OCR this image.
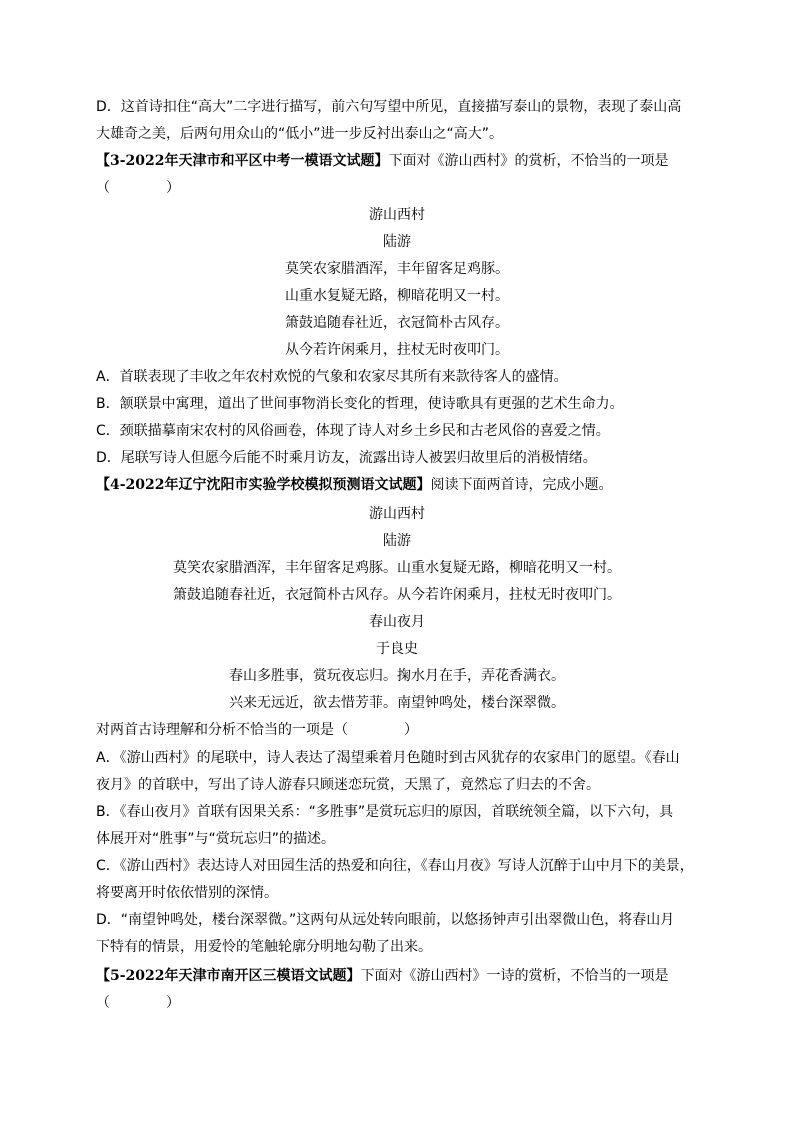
D．这首诗扣住“高大”二字进行描写，前六句写望中所见，直接描写泰山的景物，表现了泰山高
大雄奇之美，后两句用众山的“低小”进一步反衬出泰山之“高大”。
【3-2022年天津市和平区中考一模语文试题】下面对《游山西村》的赏析，不恰当的一项是
（　　　　）
游山西村
陆游
莫笑农家腊酒浑，丰年留客足鸡豚。
山重水复疑无路，柳暗花明又一村。
箫鼓追随春社近，衣冠简朴古风存。
从今若许闲乘月，拄杖无时夜叩门。
A．首联表现了丰收之年农村欢悦的气象和农家尽其所有来款待客人的盛情。
B．颔联景中寓理，道出了世间事物消长变化的哲理，使诗歌具有更强的艺术生命力。
C．颈联描摹南宋农村的风俗画卷，体现了诗人对乡土乡民和古老风俗的喜爱之情。
D．尾联写诗人但愿今后能不时乘月访友，流露出诗人被罢归故里后的消极情绪。
【4-2022年辽宁沈阳市实验学校模拟预测语文试题】阅读下面两首诗，完成小题。
游山西村
陆游
莫笑农家腊酒浑，丰年留客足鸡豚。山重水复疑无路，柳暗花明又一村。
箫鼓追随春社近，衣冠简朴古风存。从今若许闲乘月，拄杖无时夜叩门。
春山夜月
于良史
春山多胜事，赏玩夜忘归。掬水月在手，弄花香满衣。
兴来无远近，欲去惜芳菲。南望钟鸣处，楼台深翠微。
对两首古诗理解和分析不恰当的一项是（　　　　）
A．《游山西村》的尾联中，诗人表达了渴望乘着月色随时到古风犹存的农家串门的愿望。《春山
夜月》的首联中，写出了诗人游春只顾迷恋玩赏，天黑了，竟然忘了归去的不舍。
B．《春山夜月》首联有因果关系：“多胜事”是赏玩忘归的原因，首联统领全篇，以下六句，具
体展开对“胜事”与“赏玩忘归”的描述。
C．《游山西村》表达诗人对田园生活的热爱和向往，《春山月夜》写诗人沉醉于山中月下的美景，
将要离开时依依惜别的深情。
D．“南望钟鸣处，楼台深翠微。”这两句从远处转向眼前，以悠扬钟声引出翠微山色，将春山月
下特有的情景，用爱怜的笔触轮廓分明地勾勒了出来。
【5-2022年天津市南开区三模语文试题】下面对《游山西村》一诗的赏析，不恰当的一项是
（　　　　）
